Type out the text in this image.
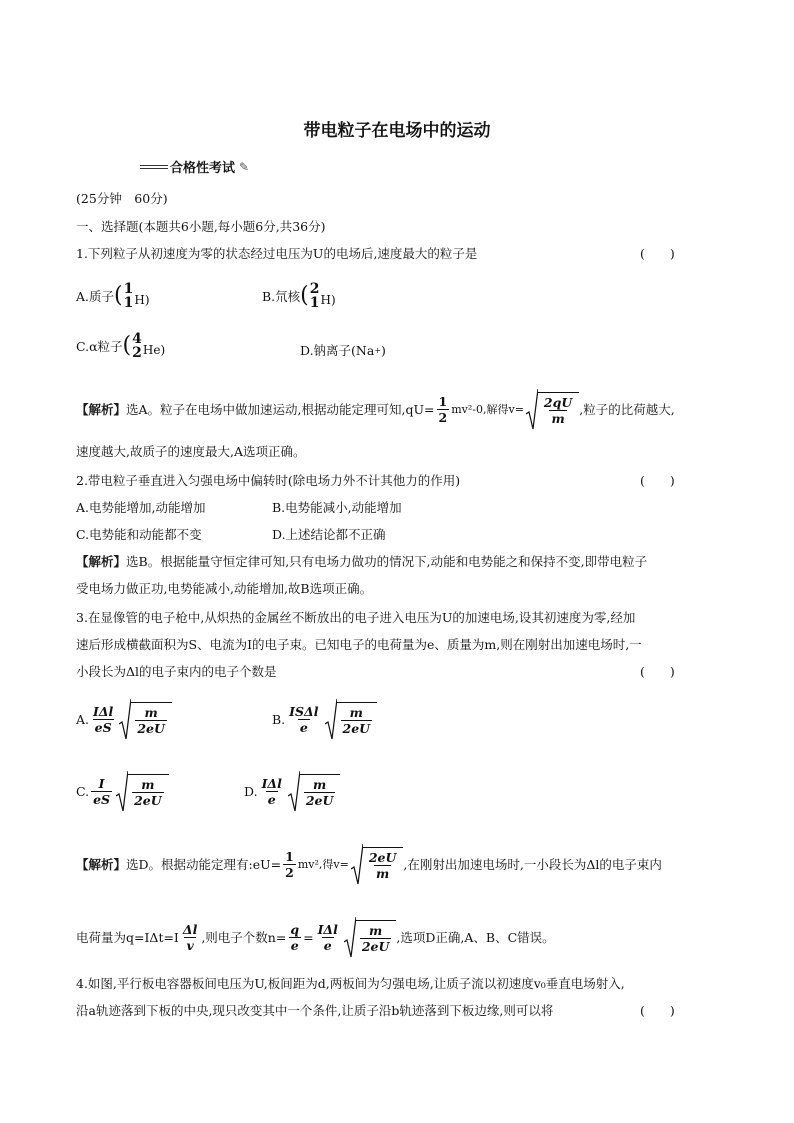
带电粒子在电场中的运动
合格性考试 ✎
(25分钟　60分)
一、选择题(本题共6小题,每小题6分,共36分)
1.下列粒子从初速度为零的状态经过电压为U的电场后,速度最大的粒子是	(　　)
A.质子 ( 1
1 H)	B.氘核 ( 2
1 H)
C.α粒子 ( 4
2 He)	D.钠离子(Na + )
【解析】 选A。粒子在电场中做加速运动,根据动能定理可知$,qU= \frac{1}{2} mv^2-0$,解得$v= \frac{2qU}{m}$ ,粒子的比荷越大,
速度越大,故质子的速度最大,A选项正确。
2.带电粒子垂直进入匀强电场中偏转时(除电场力外不计其他力的作用)	(　　)
A.电势能增加,动能增加	B.电势能减小,动能增加
C.电势能和动能都不变	D.上述结论都不正确
【解析】选B。根据能量守恒定律可知,只有电场力做功的情况下,动能和电势能之和保持不变,即带电粒子
受电场力做正功,电势能减小,动能增加,故B选项正确。
3.在显像管的电子枪中,从炽热的金属丝不断放出的电子进入电压为U的加速电场,设其初速度为零,经加
速后形成横截面积为S、电流为I的电子束。已知电子的电荷量为e、质量为m,则在刚射出加速电场时,一
小段长为Δl的电子束内的电子个数是	(　　)
A. $\frac{\text{IΔl}}{eS} \frac{m}{2eU}$	B. $\frac{\text{ISΔl}}{e} \frac{m}{2eU}$
C. $\frac{I}{eS} \frac{m}{2eU}$	D. $\frac{\text{IΔl}}{e} \frac{m}{2eU}$
【解析】 选D。根据动能定理有:eU= $\frac{1}{2} mv^2$,得$v= \frac{2eU}{m}$ ,在刚射出加速电场时,一小段长为Δl的电子束内
电荷量为$q=I\Delta t=I \frac{\Delta l}{v}$ ,则电子个数$n= \frac{q}{e} = \frac{\text{IΔl}}{e} \frac{m}{2eU}$ ,选项D正确,A、B、C错误。
4.如图,平行板电容器板间电压为U,板间距为d,两板间为匀强电场,让质子流以初速度v₀垂直电场射入,
沿a轨迹落到下板的中央,现只改变其中一个条件,让质子沿b轨迹落到下板边缘,则可以将	(　　)
